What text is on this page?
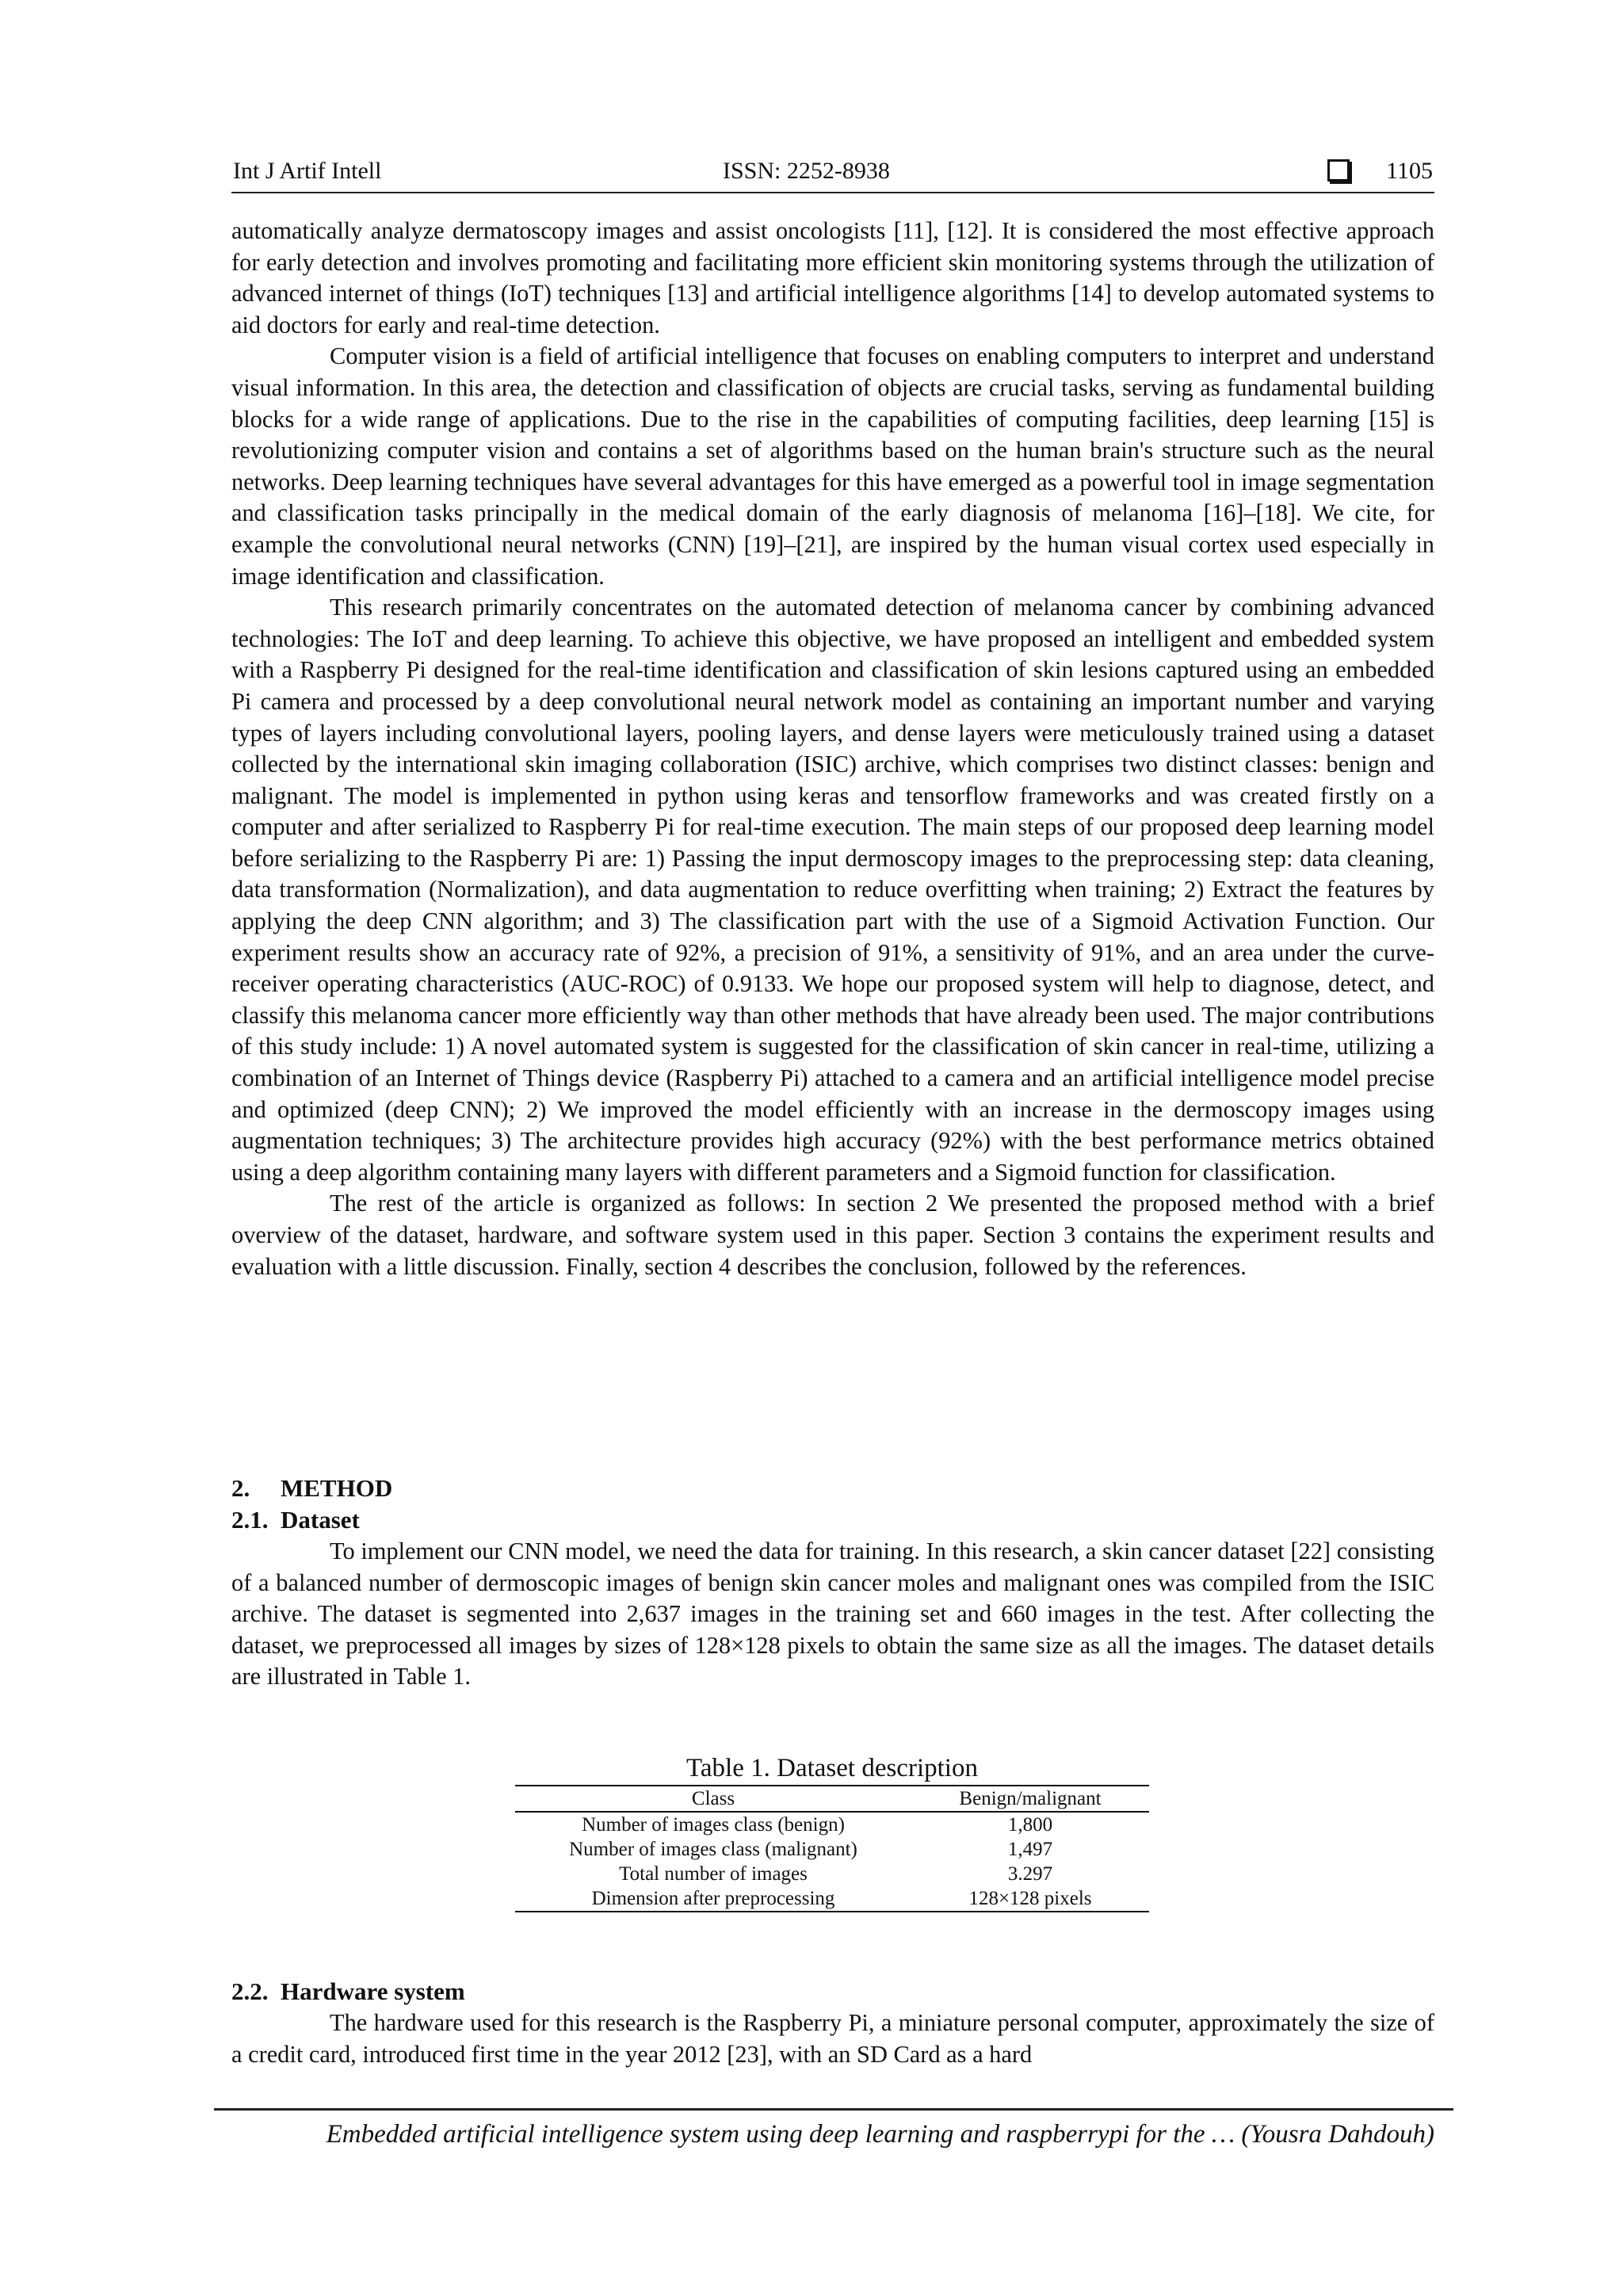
Int J Artif Intell	ISSN: 2252-8938	1105

automatically analyze dermatoscopy images and assist oncologists [11], [12]. It is considered the most effective approach for early detection and involves promoting and facilitating more efficient skin monitoring systems through the utilization of advanced internet of things (IoT) techniques [13] and artificial intelligence algorithms [14] to develop automated systems to aid doctors for early and real-time detection.

Computer vision is a field of artificial intelligence that focuses on enabling computers to interpret and understand visual information. In this area, the detection and classification of objects are crucial tasks, serving as fundamental building blocks for a wide range of applications. Due to the rise in the capabilities of computing facilities, deep learning [15] is revolutionizing computer vision and contains a set of algorithms based on the human brain's structure such as the neural networks. Deep learning techniques have several advantages for this have emerged as a powerful tool in image segmentation and classification tasks principally in the medical domain of the early diagnosis of melanoma [16]–[18]. We cite, for example the convolutional neural networks (CNN) [19]–[21], are inspired by the human visual cortex used especially in image identification and classification.

This research primarily concentrates on the automated detection of melanoma cancer by combining advanced technologies: The IoT and deep learning. To achieve this objective, we have proposed an intelligent and embedded system with a Raspberry Pi designed for the real-time identification and classification of skin lesions captured using an embedded Pi camera and processed by a deep convolutional neural network model as containing an important number and varying types of layers including convolutional layers, pooling layers, and dense layers were meticulously trained using a dataset collected by the international skin imaging collaboration (ISIC) archive, which comprises two distinct classes: benign and malignant. The model is implemented in python using keras and tensorflow frameworks and was created firstly on a computer and after serialized to Raspberry Pi for real-time execution. The main steps of our proposed deep learning model before serializing to the Raspberry Pi are: 1) Passing the input dermoscopy images to the preprocessing step: data cleaning, data transformation (Normalization), and data augmentation to reduce overfitting when training; 2) Extract the features by applying the deep CNN algorithm; and 3) The classification part with the use of a Sigmoid Activation Function. Our experiment results show an accuracy rate of 92%, a precision of 91%, a sensitivity of 91%, and an area under the curve- receiver operating characteristics (AUC-ROC) of 0.9133. We hope our proposed system will help to diagnose, detect, and classify this melanoma cancer more efficiently way than other methods that have already been used. The major contributions of this study include: 1) A novel automated system is suggested for the classification of skin cancer in real-time, utilizing a combination of an Internet of Things device (Raspberry Pi) attached to a camera and an artificial intelligence model precise and optimized (deep CNN); 2) We improved the model efficiently with an increase in the dermoscopy images using augmentation techniques; 3) The architecture provides high accuracy (92%) with the best performance metrics obtained using a deep algorithm containing many layers with different parameters and a Sigmoid function for classification.

The rest of the article is organized as follows: In section 2 We presented the proposed method with a brief overview of the dataset, hardware, and software system used in this paper. Section 3 contains the experiment results and evaluation with a little discussion. Finally, section 4 describes the conclusion, followed by the references.

2. METHOD
2.1. Dataset

To implement our CNN model, we need the data for training. In this research, a skin cancer dataset [22] consisting of a balanced number of dermoscopic images of benign skin cancer moles and malignant ones was compiled from the ISIC archive. The dataset is segmented into 2,637 images in the training set and 660 images in the test. After collecting the dataset, we preprocessed all images by sizes of 128×128 pixels to obtain the same size as all the images. The dataset details are illustrated in Table 1.

Table 1. Dataset description
Class	Benign/malignant
Number of images class (benign)	1,800
Number of images class (malignant)	1,497
Total number of images	3.297
Dimension after preprocessing	128×128 pixels
2.2. Hardware system

The hardware used for this research is the Raspberry Pi, a miniature personal computer, approximately the size of a credit card, introduced first time in the year 2012 [23], with an SD Card as a hard

Embedded artificial intelligence system using deep learning and raspberrypi for the … (Yousra Dahdouh)
